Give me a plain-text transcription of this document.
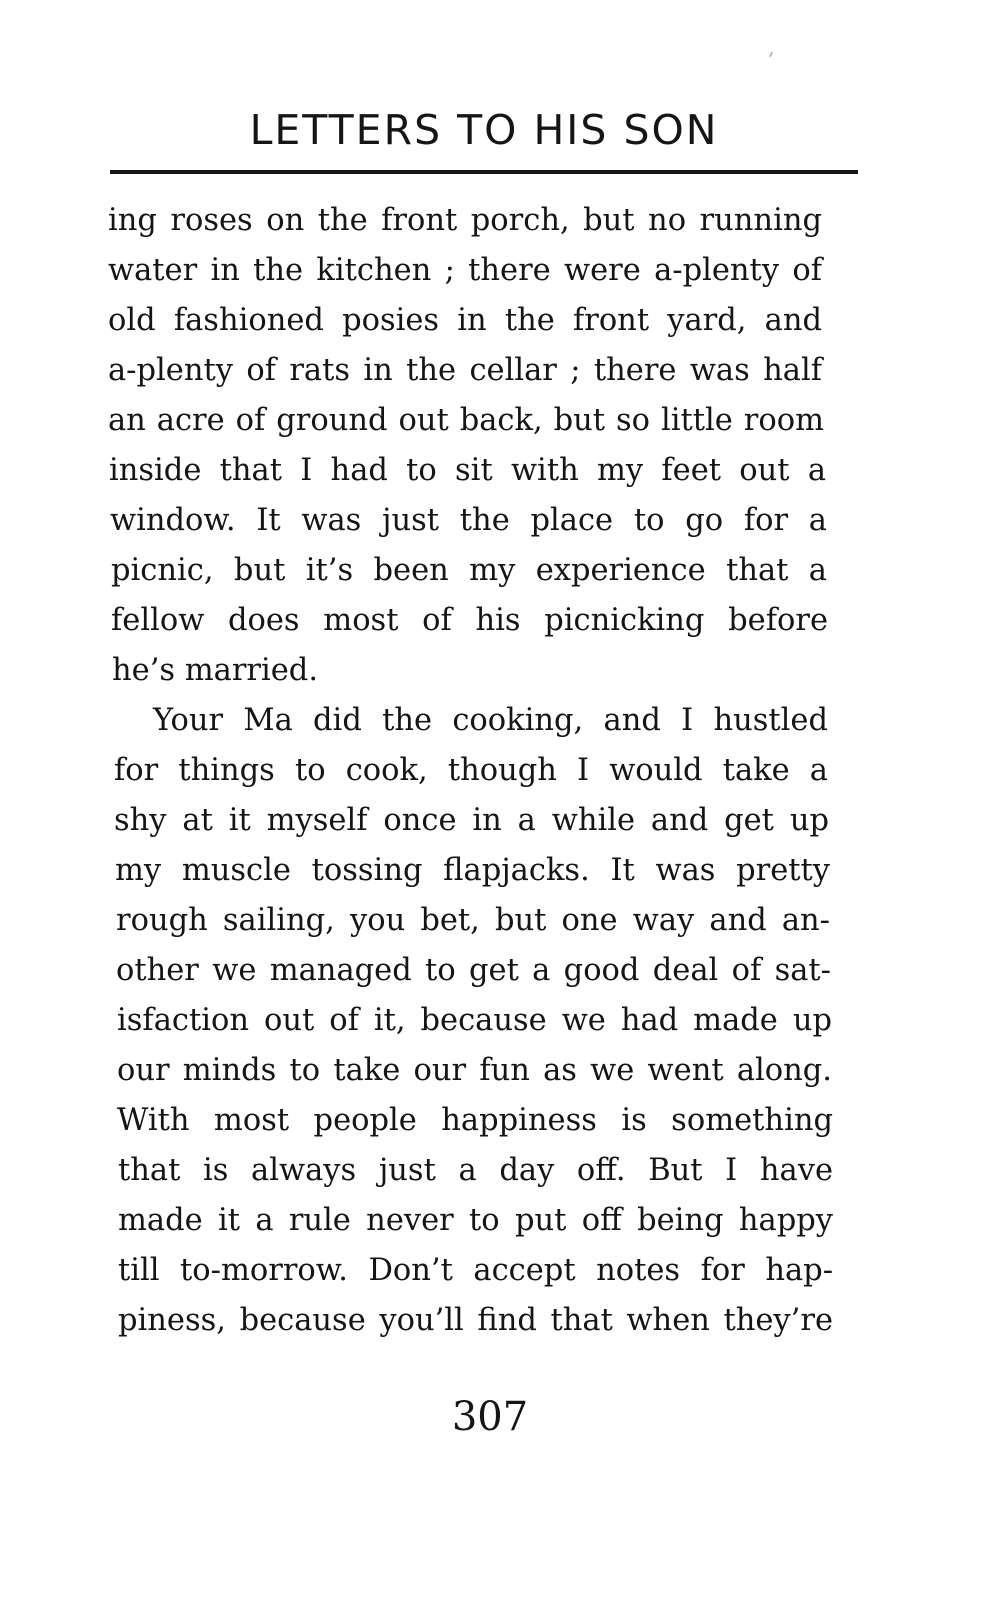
LETTERS TO HIS SON
ing roses on the front porch, but no running
water in the kitchen ; there were a-plenty of
old fashioned posies in the front yard, and
a-plenty of rats in the cellar ; there was half
an acre of ground out back, but so little room
inside that I had to sit with my feet out a
window. It was just the place to go for a
picnic, but it’s been my experience that a
fellow does most of his picnicking before
he’s married.
Your Ma did the cooking, and I hustled
for things to cook, though I would take a
shy at it myself once in a while and get up
my muscle tossing flapjacks. It was pretty
rough sailing, you bet, but one way and an-
other we managed to get a good deal of sat-
isfaction out of it, because we had made up
our minds to take our fun as we went along.
With most people happiness is something
that is always just a day off. But I have
made it a rule never to put off being happy
till to-morrow. Don’t accept notes for hap-
piness, because you’ll find that when they’re
307
